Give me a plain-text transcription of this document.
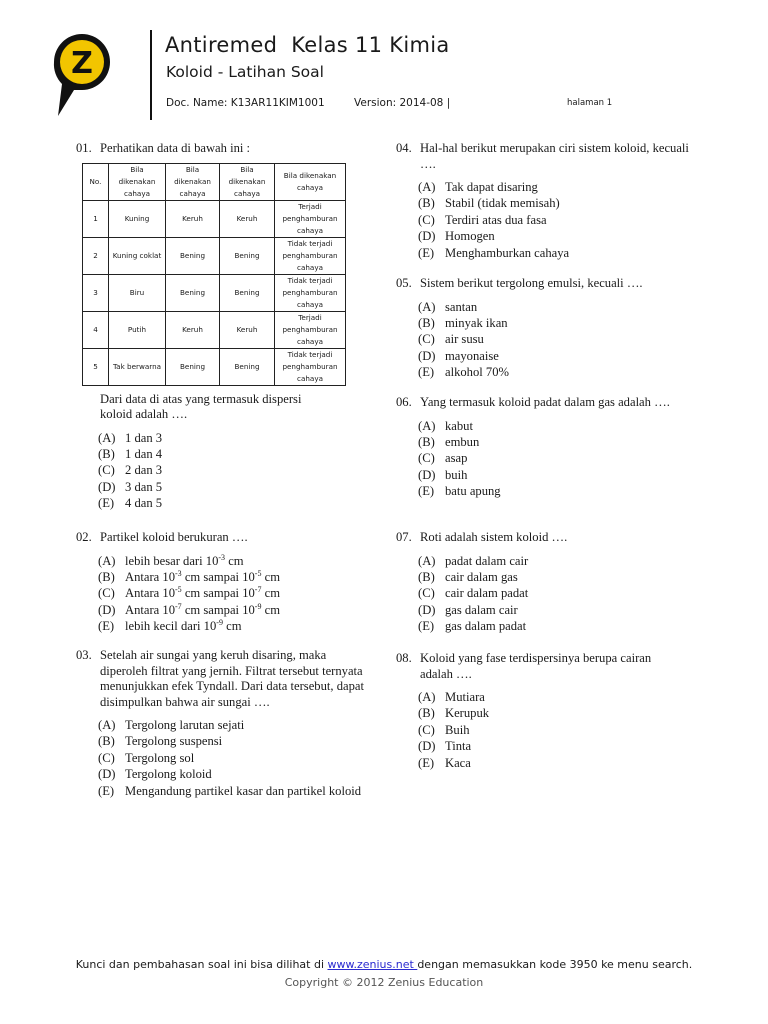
Z
Antiremed  Kelas 11 Kimia
Koloid - Latihan Soal
Doc. Name: K13AR11KIM1001	Version: 2014-08 |	halaman 1
01. Perhatikan data di bawah ini :
No.	Bila dikenakan cahaya	Bila dikenakan cahaya	Bila dikenakan cahaya	Bila dikenakan cahaya
1	Kuning	Keruh	Keruh	Terjadi penghamburan cahaya
2	Kuning coklat	Bening	Bening	Tidak terjadi penghamburan cahaya
3	Biru	Bening	Bening	Tidak terjadi penghamburan cahaya
4	Putih	Keruh	Keruh	Terjadi penghamburan cahaya
5	Tak berwarna	Bening	Bening	Tidak terjadi penghamburan cahaya
Dari data di atas yang termasuk dispersi koloid adalah ….
(A) 1 dan 3
(B) 1 dan 4
(C) 2 dan 3
(D) 3 dan 5
(E) 4 dan 5
02. Partikel koloid berukuran ….
(A) lebih besar dari $10^{-3}$ cm
(B) Antara $10^{-3}$ cm sampai $10^{-5}$ cm
(C) Antara $10^{-5}$ cm sampai $10^{-7}$ cm
(D) Antara $10^{-7}$ cm sampai $10^{-9}$ cm
(E) lebih kecil dari $10^{-9}$ cm
03. Setelah air sungai yang keruh disaring, maka diperoleh filtrat yang jernih. Filtrat tersebut ternyata menunjukkan efek Tyndall. Dari data tersebut, dapat disimpulkan bahwa air sungai ….
(A) Tergolong larutan sejati
(B) Tergolong suspensi
(C) Tergolong sol
(D) Tergolong koloid
(E) Mengandung partikel kasar dan partikel koloid
04. Hal-hal berikut merupakan ciri sistem koloid, kecuali ….
(A) Tak dapat disaring
(B) Stabil (tidak memisah)
(C) Terdiri atas dua fasa
(D) Homogen
(E) Menghamburkan cahaya
05. Sistem berikut tergolong emulsi, kecuali ….
(A) santan
(B) minyak ikan
(C) air susu
(D) mayonaise
(E) alkohol 70%
06. Yang termasuk koloid padat dalam gas adalah ….
(A) kabut
(B) embun
(C) asap
(D) buih
(E) batu apung
07. Roti adalah sistem koloid ….
(A) padat dalam cair
(B) cair dalam gas
(C) cair dalam padat
(D) gas dalam cair
(E) gas dalam padat
08. Koloid yang fase terdispersinya berupa cairan adalah ….
(A) Mutiara
(B) Kerupuk
(C) Buih
(D) Tinta
(E) Kaca
Kunci dan pembahasan soal ini bisa dilihat di www.zenius.net dengan memasukkan kode 3950 ke menu search.
Copyright © 2012 Zenius Education
